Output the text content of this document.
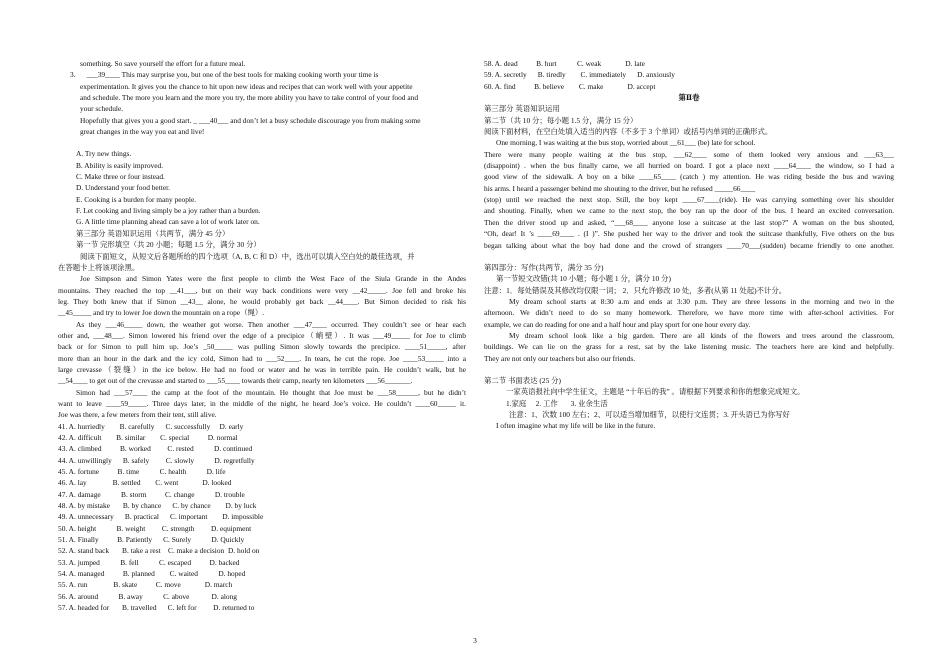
something. So save yourself the effort for a future meal.

3.      ___39____ This may surprise you, but one of the best tools for making cooking worth your time is

experimentation. It gives you the chance to hit upon new ideas and recipes that can work well with your appetite

and schedule. The more you learn and the more you try, the more ability you have to take control of your food and

your schedule.

Hopefully that gives you a good start. _ ___40___ and don’t let a busy schedule discourage you from making some

great changes in the way you eat and live!

A. Try new things.

B. Ability is easily improved.

C. Make three or four instead.

D. Understand your food better.

E. Cooking is a burden for many people.

F. Let cooking and living simply be a joy rather than a burden.

G. A little time planning ahead can save a lot of work later on.

第三部分 英语知识运用（共两节，满分 45 分）

第一节 完形填空（共 20 小题；每题 1.5 分，满分 30 分）

阅读下面短文，从短文后各题所给的四个选项（A, B, C 和 D）中，选出可以填入空白处的最佳选项，并

在答题卡上将该项涂黑。

Joe Simpson and Simon Yates were the first people to climb the West Face of the Siula Grande in the Andes

mountains. They reached the top __41___, but on their way back conditions were very __42_____. Joe fell and broke his

leg. They both knew that if Simon __43__ alone, he would probably get back __44____. But Simon decided to risk his

__45_____ and try to lower Joe down the mountain on a rope（绳）.

As they ___46_____ down, the weather got worse. Then another ___47____ occurred. They couldn’t see or hear each

other and, ___48___. Simon lowered his friend over the edge of a precipice（峭壁）. It was ___49_____ for Joe to climb

back or for Simon to pull him up. Joe’s _50_____ was pulling Simon slowly towards the precipice. ____51_____, after

more than an hour in the dark and the icy cold, Simon had to ___52____. In tears, he cut the rope. Joe ____53_____ into a

large crevasse（裂缝）in the ice below. He had no food or water and he was in terrible pain. He couldn’t walk, but he

__54____ to get out of the crevasse and started to ___55____ towards their camp, nearly ten kilometers ___56_______.

Simon had ___57____ the camp at the foot of the mountain. He thought that Joe must be ___58______, but he didn’t

want to leave ____59_____. Three days later, in the middle of the night, he heard Joe’s voice. He couldn’t ____60_____ it.

Joe was there, a few meters from their tent, still alive.

41. A. hurriedly        B. carefully      C. successfully     D. early

42. A. difficult        B. similar        C. special          D. normal

43. A. climbed          B. worked         C. rested           D. continued

44. A. unwillingly      B. safely         C. slowly           D. regretfully

45. A. fortune          B. time           C. health           D. life

46. A. lay              B. settled        C. went             D. looked

47. A. damage           B. storm          C. change           D. trouble

48. A. by mistake       B. by chance      C. by chance        D. by luck

49. A. unnecessary      B. practical      C. important        D. impossible

50. A. height           B. weight         C. strength         D. equipment

51. A. Finally          B. Patiently      C. Surely           D. Quickly

52. A. stand back       B. take a rest    C. make a decision  D. hold on

53. A. jumped           B. fell           C. escaped          D. backed

54. A. managed          B. planned        C. waited           D. hoped

55. A. run              B. skate          C. move             D. march

56. A. around           B. away           C. above            D. along

57. A. headed for       B. travelled      C. left for         D. returned to

58. A. dead          B. hurt           C. weak             D. late

59. A. secretly      B. tiredly        C. immediately      D. anxiously

60. A. find          B. believe        C. make             D. accept

第Ⅱ卷

第三部分 英语知识运用

第二节（共 10 分；每小题 1.5 分，满分 15 分）

阅读下面材料，在空白处填入适当的内容（不多于 3 个单词）或括号内单词的正确形式。

One morning, I was waiting at the bus stop, worried about __61___ (be) late for school.

There were many people waiting at the bus stop, ___62____ some of them looked very anxious and ___63___

(disappoint) . when the bus finally came, we all hurried on board. I got a place next ____64____ the window, so I had a

good view of the sidewalk. A boy on a bike ____65____ (catch ) my attention. He was riding beside the bus and waving

his arms. I heard a passenger behind me shouting to the driver, but he refused _____66____

(stop) until we reached the next stop. Still, the boy kept ____67____(ride). He was carrying something over his shoulder

and shouting. Finally, when we came to the next stop, the boy ran up the door of the bus. I heard an excited conversation.

Then the driver stood up and asked, “___68____ anyone lose a suitcase at the last stop?” A woman on the bus shouted,

“Oh, dear! It ’s ____69____ . (I )”. She pushed her way to the driver and took the suitcase thankfully, Five others on the bus

began talking about what the boy had done and the crowd of strangers ____70___(sudden) became friendly to one another.

第四部分：写作(共两节，满分 35 分)

第一节短文改错(共 10 小题；每小题 1 分，满分 10 分)

注意：1．每处错误及其修改均仅限一词； 2．只允许修改 10 处，多者(从第 11 处起)不计分。

My dream school starts at 8:30 a.m and ends at 3:30 p.m. They are three lessons in the morning and two in the

afternoon. We didn’t need to do so many homework. Therefore, we have more time with after-school activities. For

example, we can do reading for one and a half hour and play sport for one hour every day.

My dream school look like a big garden. There are all kinds of the flowers and trees around the classroom,

buildings. We can lie on the grass for a rest, sat by the lake listening music. The teachers here are kind and helpfully.

They are not only our teachers but also our friends.

第二节 书面表达 (25 分)

一家英语报社向中学生征文，主题是 “十年后的我” 。请根据下列要求和你的想象完成短文。

1.家庭     2. 工作       3. 业余生活

注意：1、次数 100 左右；2、可以适当增加细节，以使行文连贯；3. 开头语已为你写好

I often imagine what my life will be like in the future.

3
